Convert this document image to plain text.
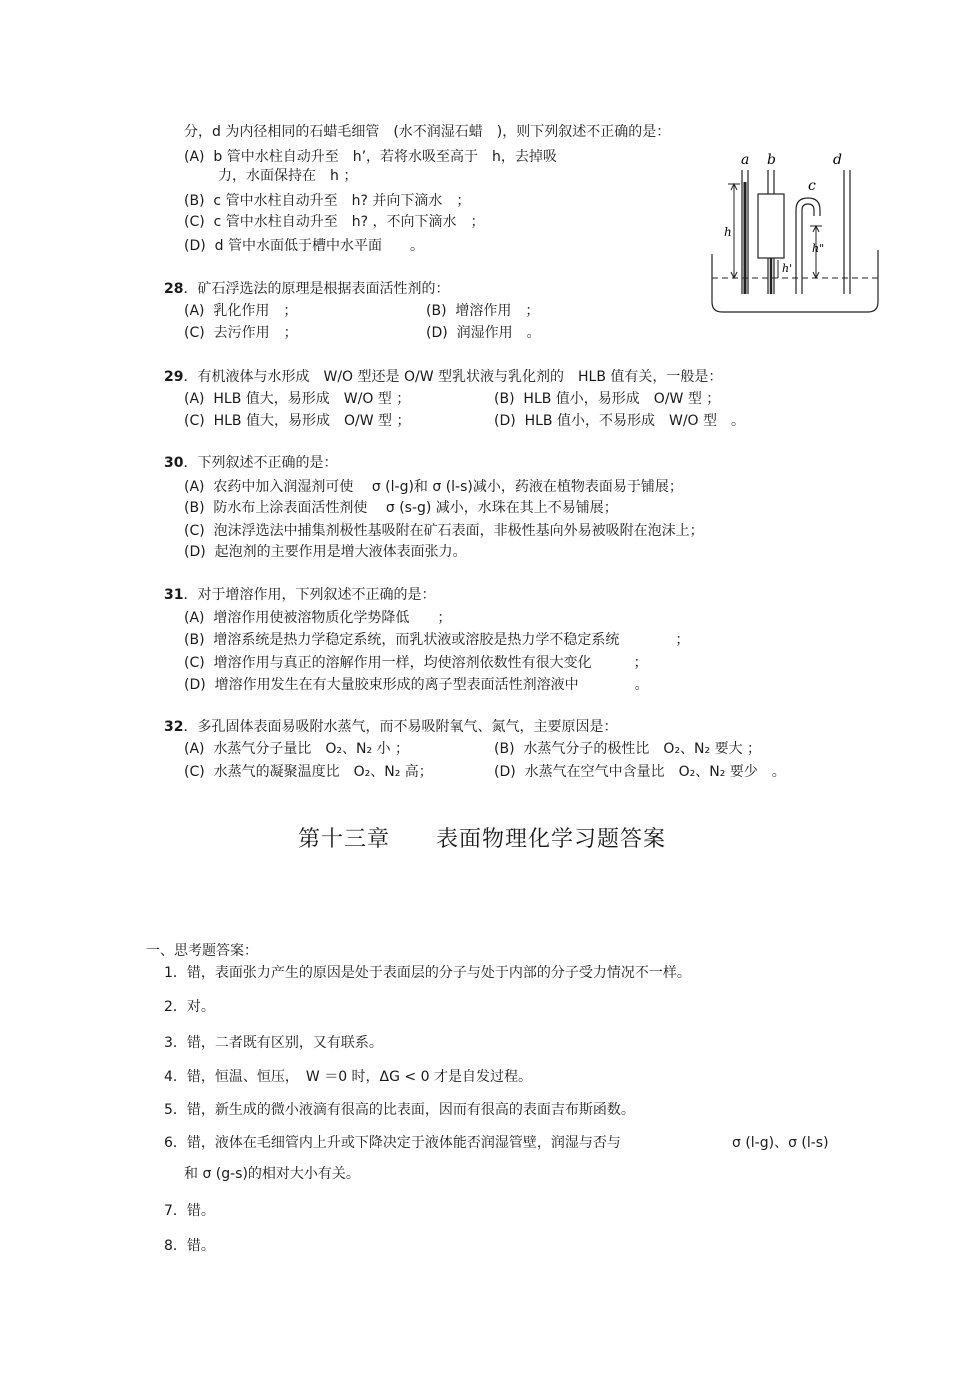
分，d 为内径相同的石蜡毛细管　(水不润湿石蜡　)，则下列叙述不正确的是：
(A)  b 管中水柱自动升至　h’，若将水吸至高于　h，去掉吸
力，水面保持在　h ；
(B)  c 管中水柱自动升至　h? 并向下滴水　；
(C)  c 管中水柱自动升至　h? ，不向下滴水　；
(D)  d 管中水面低于槽中水平面　　。
a
h
b
h'
c
h"
d
28．矿石浮选法的原理是根据表面活性剂的：
(A)  乳化作用　；	(B)  增溶作用　；
(C)  去污作用　；	(D)  润湿作用　。
29．有机液体与水形成　W/O 型还是 O/W 型乳状液与乳化剂的　HLB 值有关，一般是：
(A)  HLB 值大，易形成　W/O 型 ；	(B)  HLB 值小，易形成　O/W 型 ；
(C)  HLB 值大，易形成　O/W 型 ；	(D)  HLB 值小，不易形成　W/O 型　。
30．下列叙述不正确的是：
(A)  农药中加入润湿剂可使　 σ (l-g)和 σ (l-s)减小，药液在植物表面易于铺展；
(B)  防水布上涂表面活性剂使　 σ (s-g) 减小，水珠在其上不易铺展；
(C)  泡沫浮选法中捕集剂极性基吸附在矿石表面，非极性基向外易被吸附在泡沫上；
(D)  起泡剂的主要作用是增大液体表面张力。
31．对于增溶作用，下列叙述不正确的是：
(A)  增溶作用使被溶物质化学势降低　　；
(B)  增溶系统是热力学稳定系统，而乳状液或溶胶是热力学不稳定系统　　　　；
(C)  增溶作用与真正的溶解作用一样，均使溶剂依数性有很大变化　　　；
(D)  增溶作用发生在有大量胶束形成的离子型表面活性剂溶液中　　　　。
32．多孔固体表面易吸附水蒸气，而不易吸附氧气、氮气，主要原因是：
(A)  水蒸气分子量比　O₂、N₂ 小 ；	(B)  水蒸气分子的极性比　O₂、N₂ 要大 ；
(C)  水蒸气的凝聚温度比　O₂、N₂ 高；	(D)  水蒸气在空气中含量比　O₂、N₂ 要少　。
第十三章　　表面物理化学习题答案
一、思考题答案：
1．错，表面张力产生的原因是处于表面层的分子与处于内部的分子受力情况不一样。
2．对。
3．错，二者既有区别，又有联系。
4．错，恒温、恒压，　W ＝0 时，ΔG < 0 才是自发过程。
5．错，新生成的微小液滴有很高的比表面，因而有很高的表面吉布斯函数。
6．错，液体在毛细管内上升或下降决定于液体能否润湿管壁，润湿与否与	σ (l-g)、σ (l-s)
和 σ (g-s)的相对大小有关。
7．错。
8．错。
